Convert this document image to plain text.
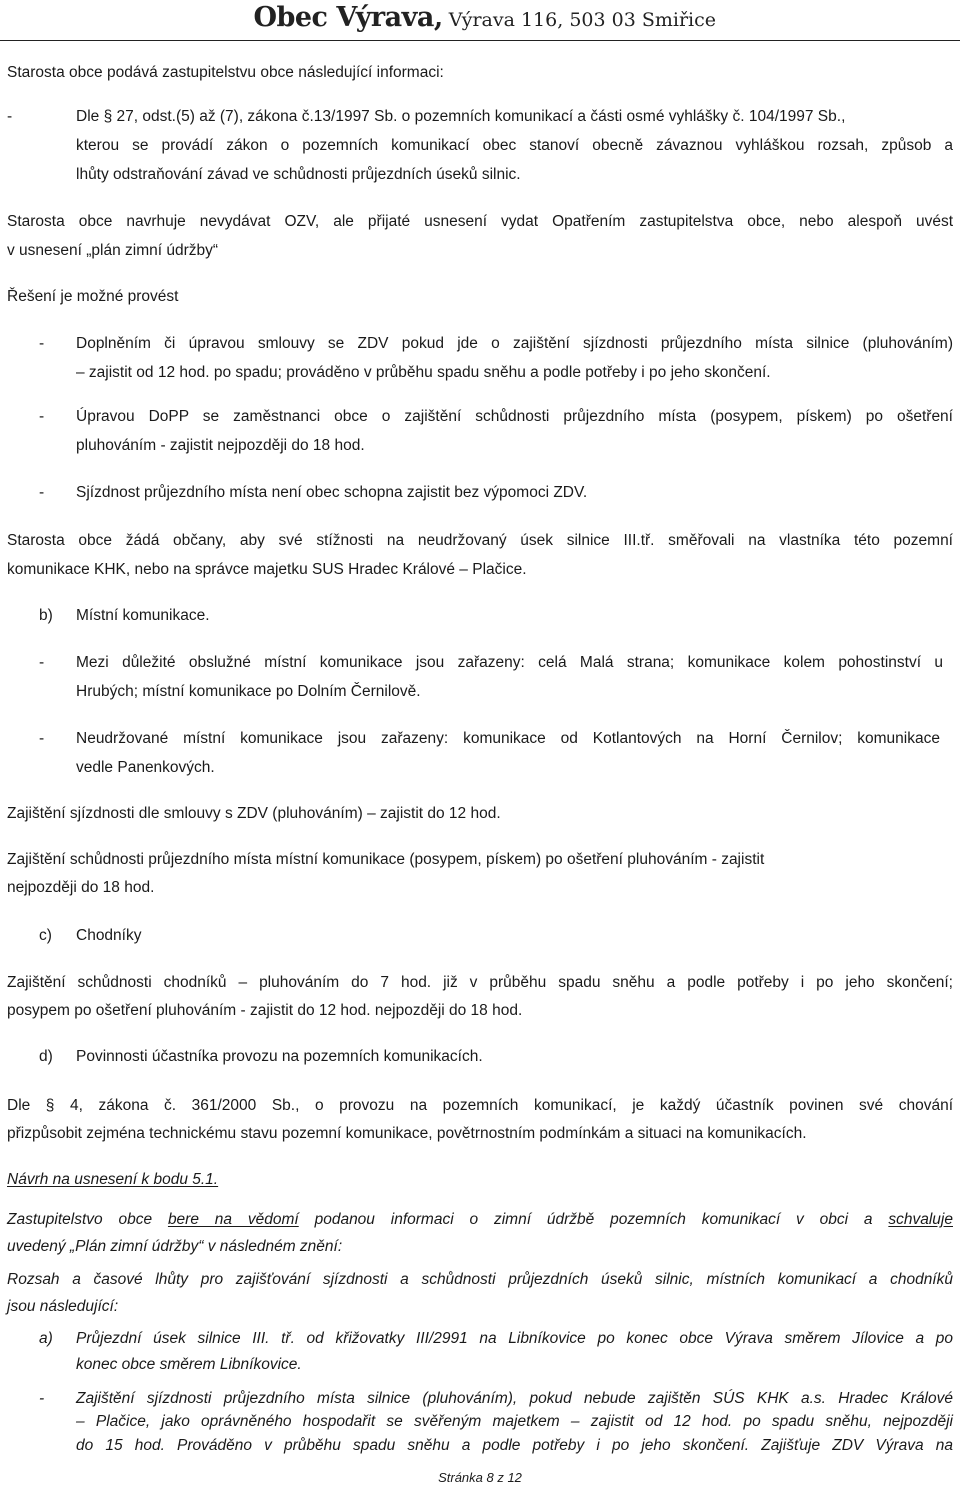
Obec Výrava, Výrava 116, 503 03 Smiřice
Starosta obce podává zastupitelstvu obce následující informaci:
-	Dle § 27, odst.(5) až (7), zákona č.13/1997 Sb. o pozemních komunikací a části osmé vyhlášky č. 104/1997 Sb.,
kterou se provádí zákon o pozemních komunikací obec stanoví obecně závaznou vyhláškou rozsah, způsob a
lhůty odstraňování závad ve schůdnosti průjezdních úseků silnic.
Starosta obce navrhuje nevydávat OZV, ale přijaté usnesení vydat Opatřením zastupitelstva obce, nebo alespoň uvést
v usnesení „plán zimní údržby“
Řešení je možné provést
- Doplněním či úpravou smlouvy se ZDV pokud jde o zajištění sjízdnosti průjezdního místa silnice (pluhováním)
– zajistit od 12 hod. po spadu; prováděno v průběhu spadu sněhu a podle potřeby i po jeho skončení.
- Úpravou DoPP se zaměstnanci obce o zajištění schůdnosti průjezdního místa (posypem, pískem) po ošetření
pluhováním - zajistit nejpozději do 18 hod.
- Sjízdnost průjezdního místa není obec schopna zajistit bez výpomoci ZDV.
Starosta obce žádá občany, aby své stížnosti na neudržovaný úsek silnice III.tř. směřovali na vlastníka této pozemní
komunikace KHK, nebo na správce majetku SUS Hradec Králové – Plačice.
b) Místní komunikace.
- Mezi důležité obslužné místní komunikace jsou zařazeny: celá Malá strana; komunikace kolem pohostinství u
Hrubých; místní komunikace po Dolním Černilově.
- Neudržované místní komunikace jsou zařazeny: komunikace od Kotlantových na Horní Černilov; komunikace
vedle Panenkových.
Zajištění sjízdnosti dle smlouvy s ZDV (pluhováním) – zajistit do 12 hod.
Zajištění schůdnosti průjezdního místa místní komunikace (posypem, pískem) po ošetření pluhováním - zajistit
nejpozději do 18 hod.
c) Chodníky
Zajištění schůdnosti chodníků – pluhováním do 7 hod. již v průběhu spadu sněhu a podle potřeby i po jeho skončení;
posypem po ošetření pluhováním - zajistit do 12 hod. nejpozději do 18 hod.
d) Povinnosti účastníka provozu na pozemních komunikacích.
Dle § 4, zákona č. 361/2000 Sb., o provozu na pozemních komunikací, je každý účastník povinen své chování
přizpůsobit zejména technickému stavu pozemní komunikace, povětrnostním podmínkám a situaci na komunikacích.
Návrh na usnesení k bodu 5.1.
Zastupitelstvo obce bere na vědomí podanou informaci o zimní údržbě pozemních komunikací v obci a schvaluje
uvedený „Plán zimní údržby“ v následném znění:
Rozsah a časové lhůty pro zajišťování sjízdnosti a schůdnosti průjezdních úseků silnic, místních komunikací a chodníků
jsou následující:
a) Průjezdní úsek silnice III. tř. od křižovatky III/2991 na Libníkovice po konec obce Výrava směrem Jílovice a po
konec obce směrem Libníkovice.
- Zajištění sjízdnosti průjezdního místa silnice (pluhováním), pokud nebude zajištěn SÚS KHK a.s. Hradec Králové
– Plačice, jako oprávněného hospodařit se svěřeným majetkem – zajistit od 12 hod. po spadu sněhu, nejpozději
do 15 hod. Prováděno v průběhu spadu sněhu a podle potřeby i po jeho skončení. Zajišťuje ZDV Výrava na
Stránka 8 z 12
